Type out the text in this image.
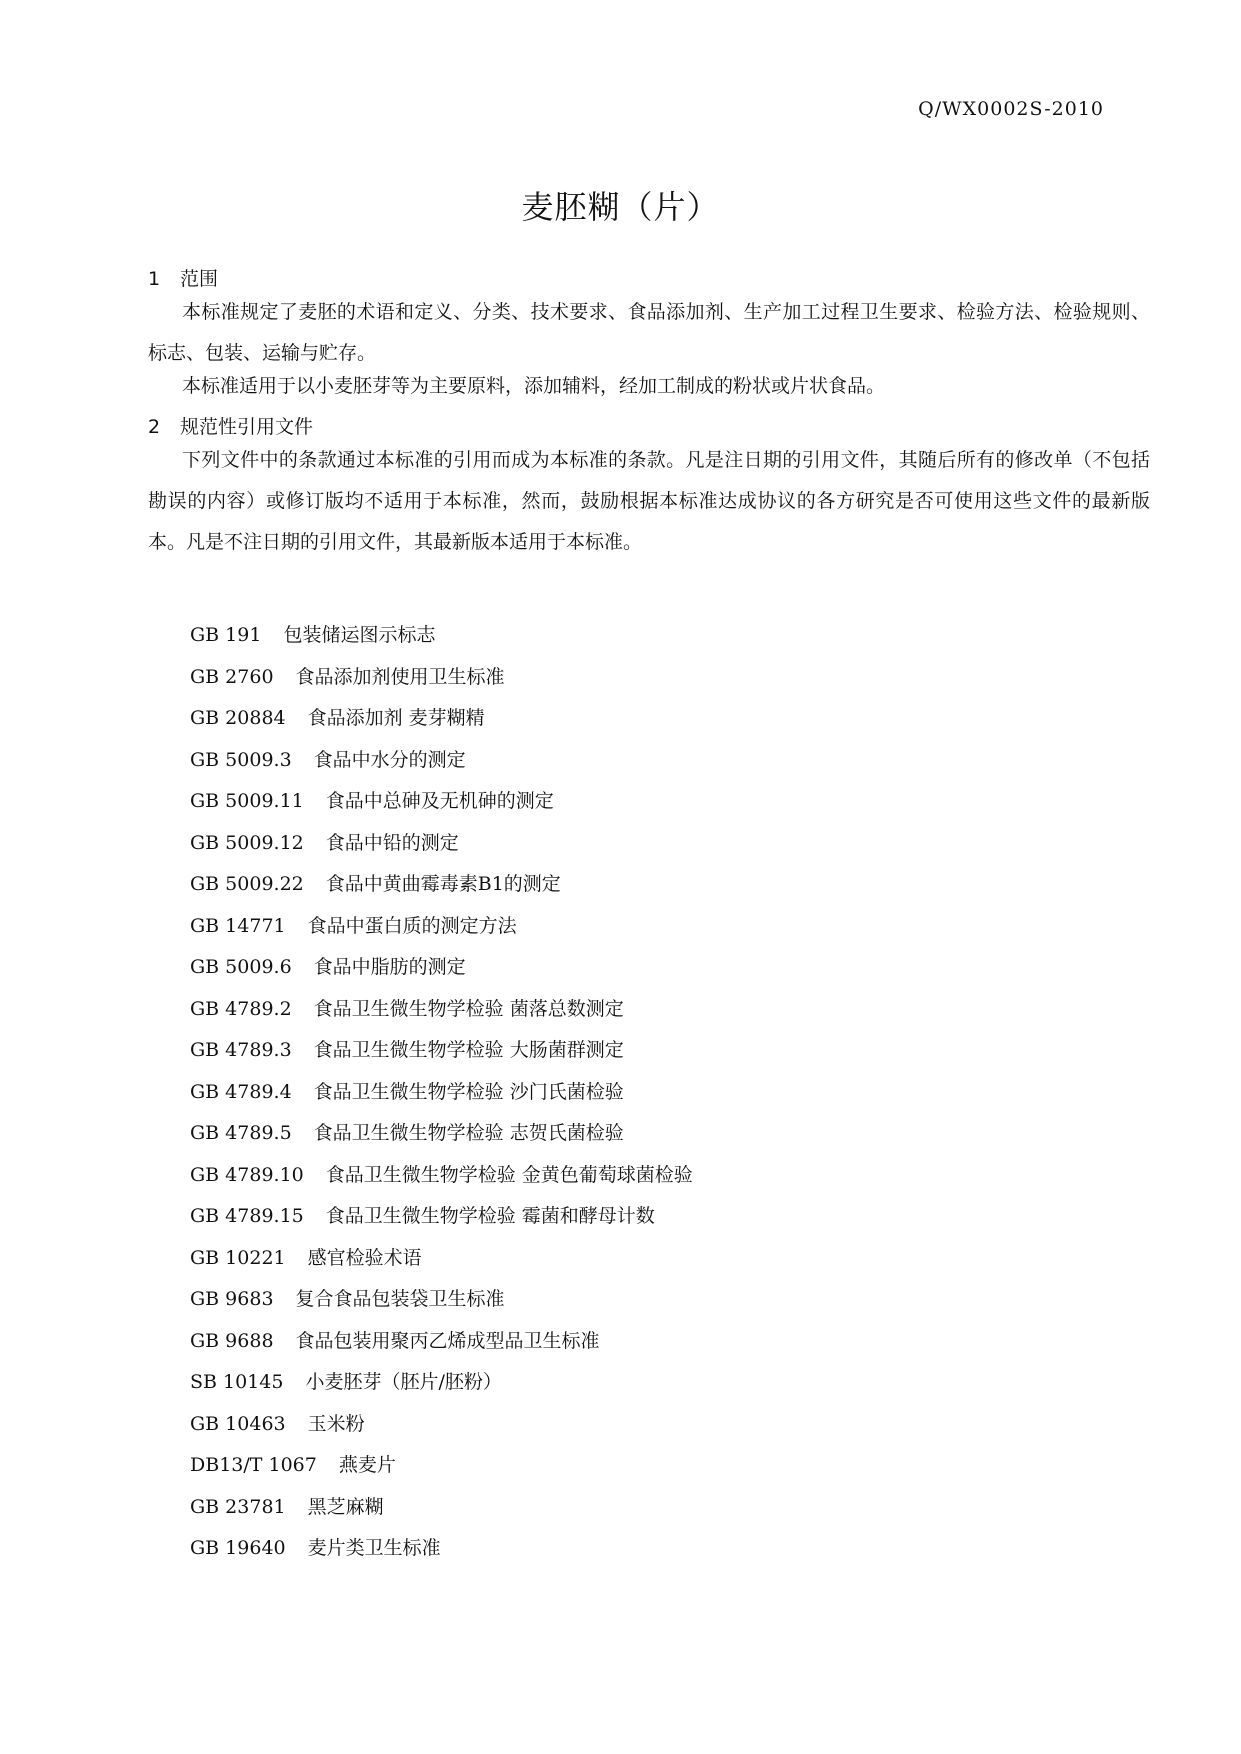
Q/WX0002S-2010
麦胚糊（片）
1 范围
本标准规定了麦胚的术语和定义、分类、技术要求、食品添加剂、生产加工过程卫生要求、检验方法、检验规则、标志、包装、运输与贮存。
本标准适用于以小麦胚芽等为主要原料，添加辅料，经加工制成的粉状或片状食品。
2 规范性引用文件
下列文件中的条款通过本标准的引用而成为本标准的条款。凡是注日期的引用文件，其随后所有的修改单（不包括勘误的内容）或修订版均不适用于本标准，然而，鼓励根据本标准达成协议的各方研究是否可使用这些文件的最新版本。凡是不注日期的引用文件，其最新版本适用于本标准。
GB 191 包装储运图示标志
GB 2760 食品添加剂使用卫生标准
GB 20884 食品添加剂 麦芽糊精
GB 5009.3 食品中水分的测定
GB 5009.11 食品中总砷及无机砷的测定
GB 5009.12 食品中铅的测定
GB 5009.22 食品中黄曲霉毒素B1的测定
GB 14771 食品中蛋白质的测定方法
GB 5009.6 食品中脂肪的测定
GB 4789.2 食品卫生微生物学检验 菌落总数测定
GB 4789.3 食品卫生微生物学检验 大肠菌群测定
GB 4789.4 食品卫生微生物学检验 沙门氏菌检验
GB 4789.5 食品卫生微生物学检验 志贺氏菌检验
GB 4789.10 食品卫生微生物学检验 金黄色葡萄球菌检验
GB 4789.15 食品卫生微生物学检验 霉菌和酵母计数
GB 10221 感官检验术语
GB 9683 复合食品包装袋卫生标准
GB 9688 食品包装用聚丙乙烯成型品卫生标准
SB 10145 小麦胚芽（胚片/胚粉）
GB 10463 玉米粉
DB13/T 1067 燕麦片
GB 23781 黑芝麻糊
GB 19640 麦片类卫生标准
